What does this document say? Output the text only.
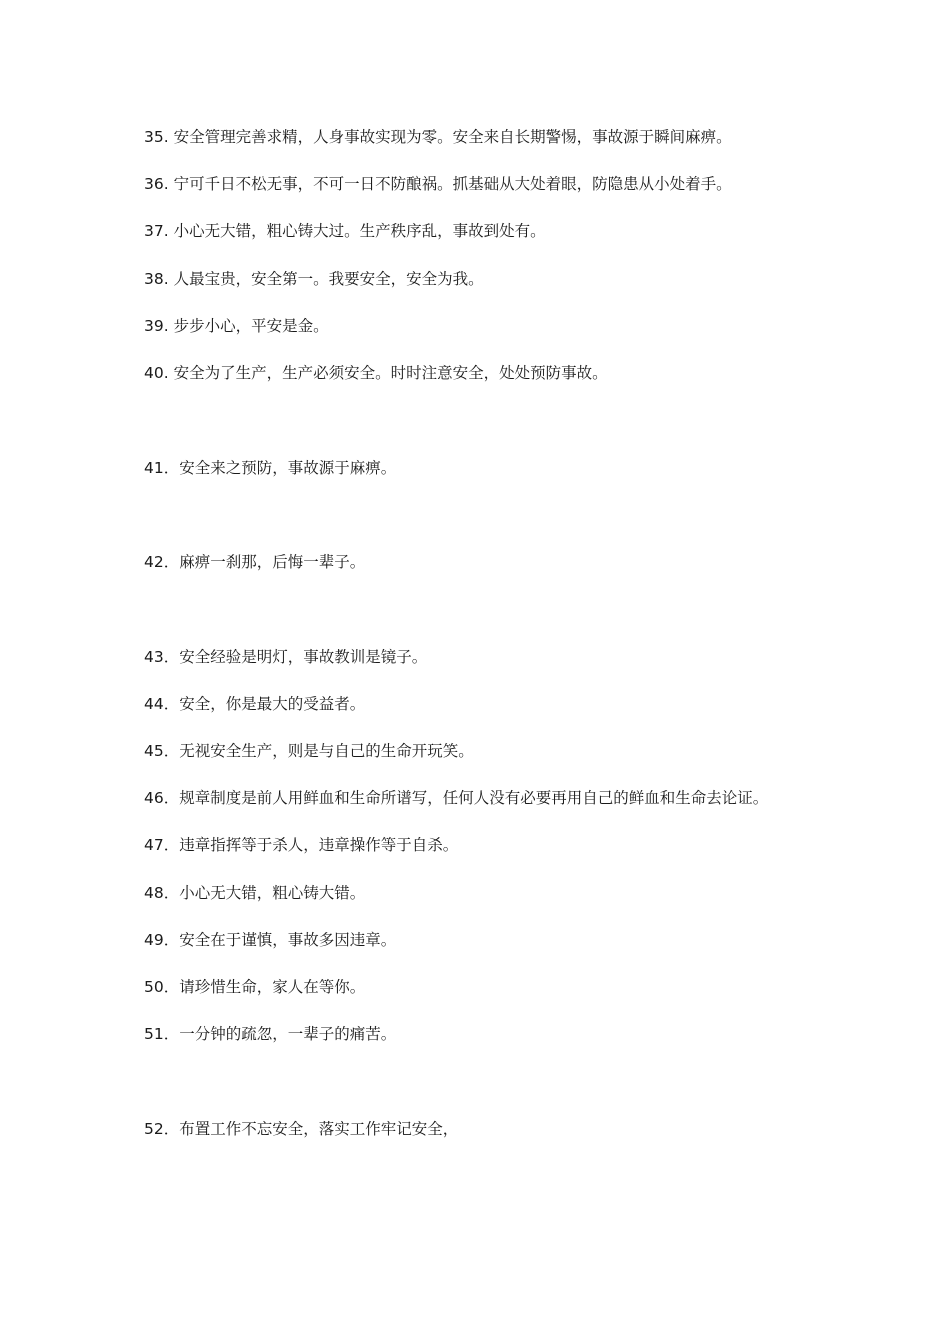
35. 安全管理完善求精，人身事故实现为零。安全来自长期警惕，事故源于瞬间麻痹。
36. 宁可千日不松无事，不可一日不防酿祸。抓基础从大处着眼，防隐患从小处着手。
37. 小心无大错，粗心铸大过。生产秩序乱，事故到处有。
38. 人最宝贵，安全第一。我要安全，安全为我。
39. 步步小心，平安是金。
40. 安全为了生产，生产必须安全。时时注意安全，处处预防事故。
41．安全来之预防，事故源于麻痹。
42．麻痹一刹那，后悔一辈子。
43．安全经验是明灯，事故教训是镜子。
44．安全，你是最大的受益者。
45．无视安全生产，则是与自己的生命开玩笑。
46．规章制度是前人用鲜血和生命所谱写，任何人没有必要再用自己的鲜血和生命去论证。
47．违章指挥等于杀人，违章操作等于自杀。
48．小心无大错，粗心铸大错。
49．安全在于谨慎，事故多因违章。
50．请珍惜生命，家人在等你。
51．一分钟的疏忽，一辈子的痛苦。
52．布置工作不忘安全，落实工作牢记安全，
